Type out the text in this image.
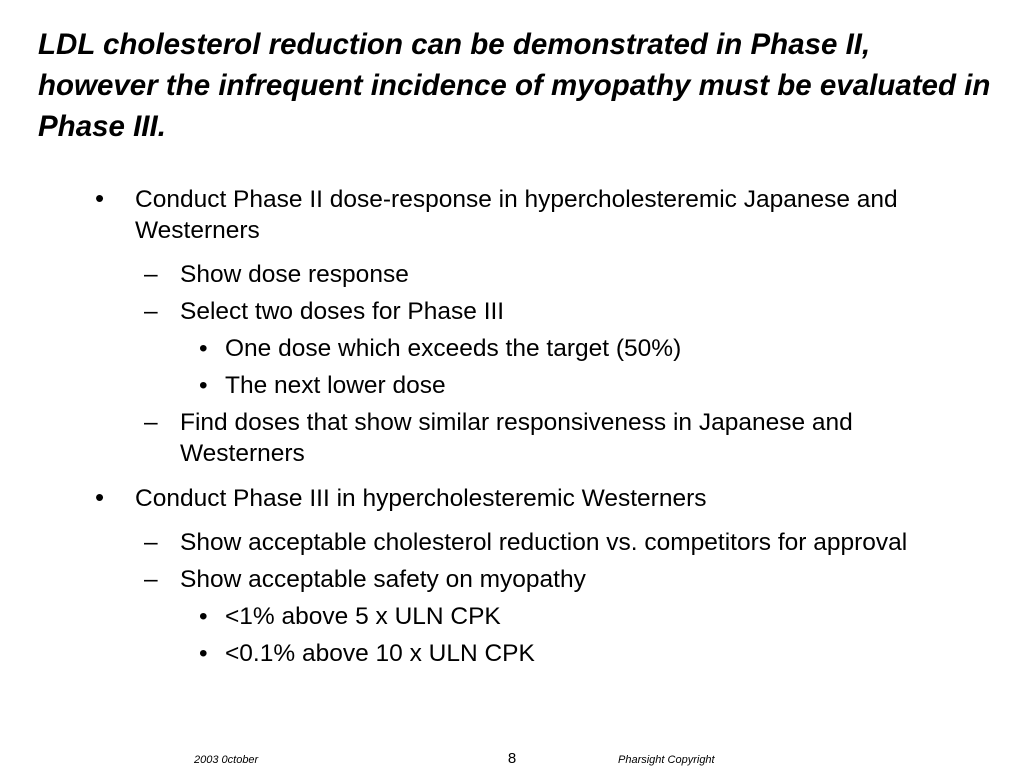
LDL cholesterol reduction can be demonstrated in Phase II, however the infrequent incidence of myopathy must be evaluated in Phase III.
• Conduct Phase II dose-response in hypercholesteremic Japanese and Westerners
– Show dose response
– Select two doses for Phase III
• One dose which exceeds the target (50%)
• The next lower dose
– Find doses that show similar responsiveness in Japanese and Westerners
• Conduct Phase III in hypercholesteremic Westerners
– Show acceptable cholesterol reduction vs. competitors for approval
– Show acceptable safety on myopathy
• <1% above 5 x ULN CPK
• <0.1% above 10 x ULN CPK
2003 0ctober	8	Pharsight Copyright
